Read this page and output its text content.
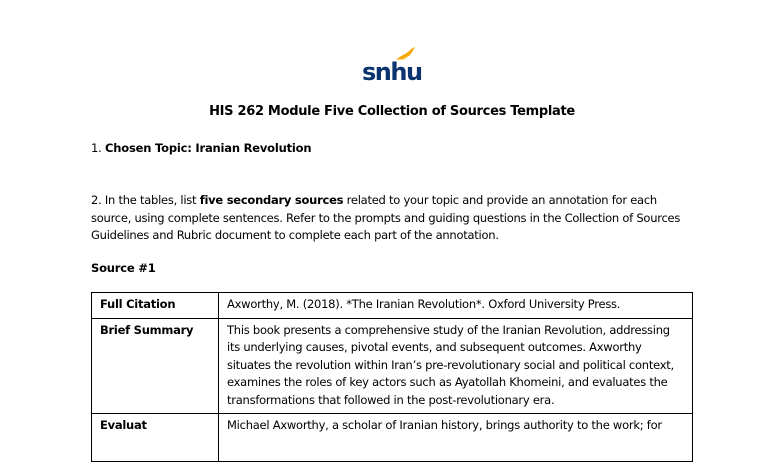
snhu
HIS 262 Module Five Collection of Sources Template
1. Chosen Topic: Iranian Revolution
2. In the tables, list five secondary sources related to your topic and provide an annotation for each source, using complete sentences. Refer to the prompts and guiding questions in the Collection of Sources Guidelines and Rubric document to complete each part of the annotation.
Source #1
Full Citation	Axworthy, M. (2018). *The Iranian Revolution*. Oxford University Press.
Brief Summary	This book presents a comprehensive study of the Iranian Revolution, addressing its underlying causes, pivotal events, and subsequent outcomes. Axworthy situates the revolution within Iran’s pre-revolutionary social and political context, examines the roles of key actors such as Ayatollah Khomeini, and evaluates the transformations that followed in the post-revolutionary era.
Evaluat	Michael Axworthy, a scholar of Iranian history, brings authority to the work; for
